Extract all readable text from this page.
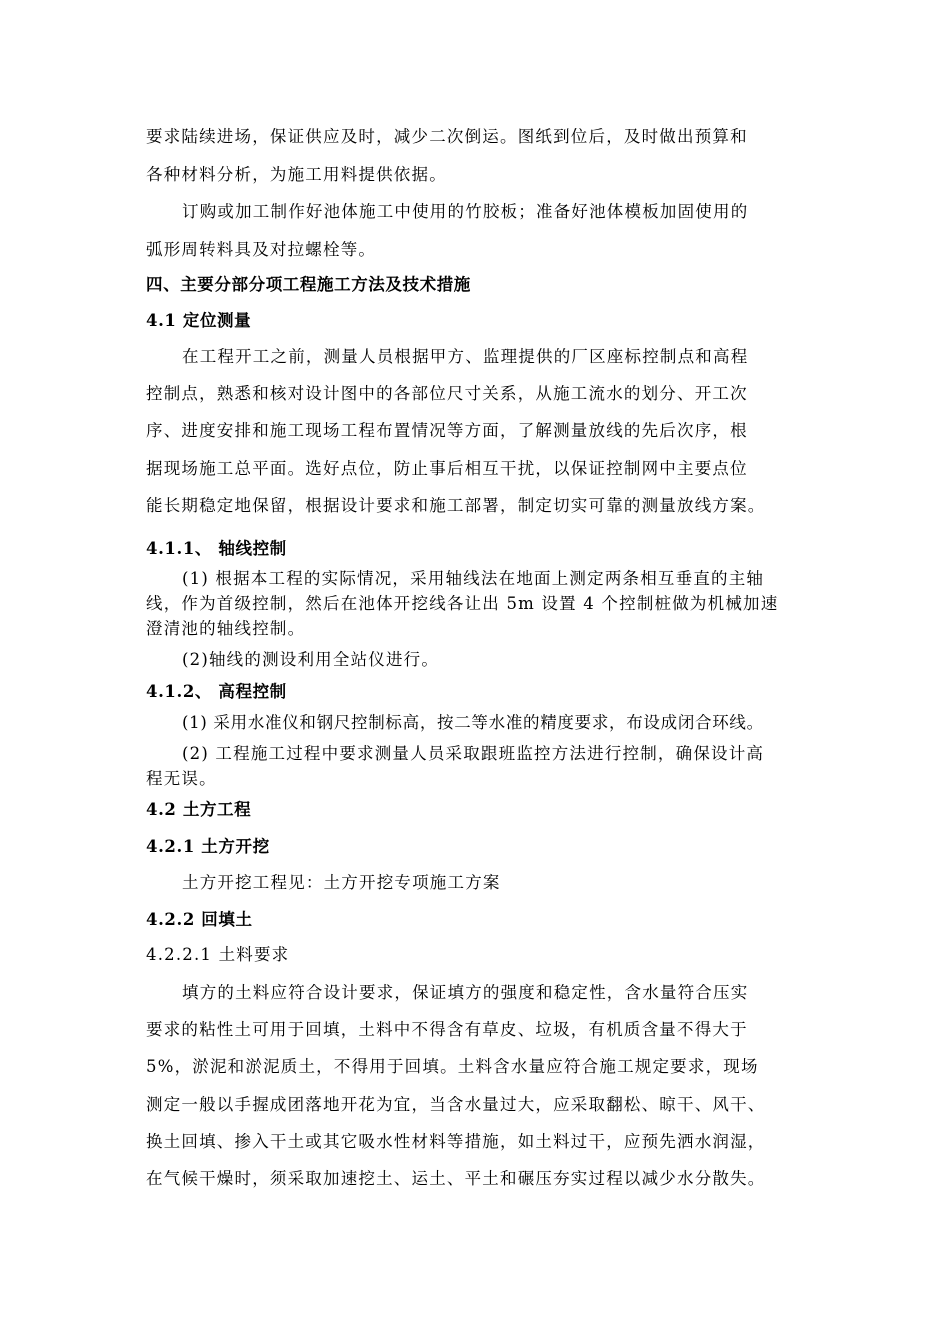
要求陆续进场，保证供应及时，减少二次倒运。图纸到位后，及时做出预算和
各种材料分析，为施工用料提供依据。
订购或加工制作好池体施工中使用的竹胶板；准备好池体模板加固使用的
弧形周转料具及对拉螺栓等。
四、主要分部分项工程施工方法及技术措施
4.1 定位测量
在工程开工之前，测量人员根据甲方、监理提供的厂区座标控制点和高程
控制点，熟悉和核对设计图中的各部位尺寸关系，从施工流水的划分、开工次
序、进度安排和施工现场工程布置情况等方面，了解测量放线的先后次序，根
据现场施工总平面。选好点位，防止事后相互干扰，以保证控制网中主要点位
能长期稳定地保留，根据设计要求和施工部署，制定切实可靠的测量放线方案。
4.1.1、 轴线控制
(1) 根据本工程的实际情况，采用轴线法在地面上测定两条相互垂直的主轴
线，作为首级控制，然后在池体开挖线各让出 5m 设置 4 个控制桩做为机械加速
澄清池的轴线控制。
(2)轴线的测设利用全站仪进行。
4.1.2、 高程控制
(1) 采用水准仪和钢尺控制标高，按二等水准的精度要求，布设成闭合环线。
(2) 工程施工过程中要求测量人员采取跟班监控方法进行控制，确保设计高
程无误。
4.2 土方工程
4.2.1 土方开挖
土方开挖工程见：土方开挖专项施工方案
4.2.2 回填土
4.2.2.1 土料要求
填方的土料应符合设计要求，保证填方的强度和稳定性，含水量符合压实
要求的粘性土可用于回填，土料中不得含有草皮、垃圾，有机质含量不得大于
5%，淤泥和淤泥质土，不得用于回填。土料含水量应符合施工规定要求，现场
测定一般以手握成团落地开花为宜，当含水量过大，应采取翻松、晾干、风干、
换土回填、掺入干土或其它吸水性材料等措施，如土料过干，应预先洒水润湿，
在气候干燥时，须采取加速挖土、运土、平土和碾压夯实过程以减少水分散失。
